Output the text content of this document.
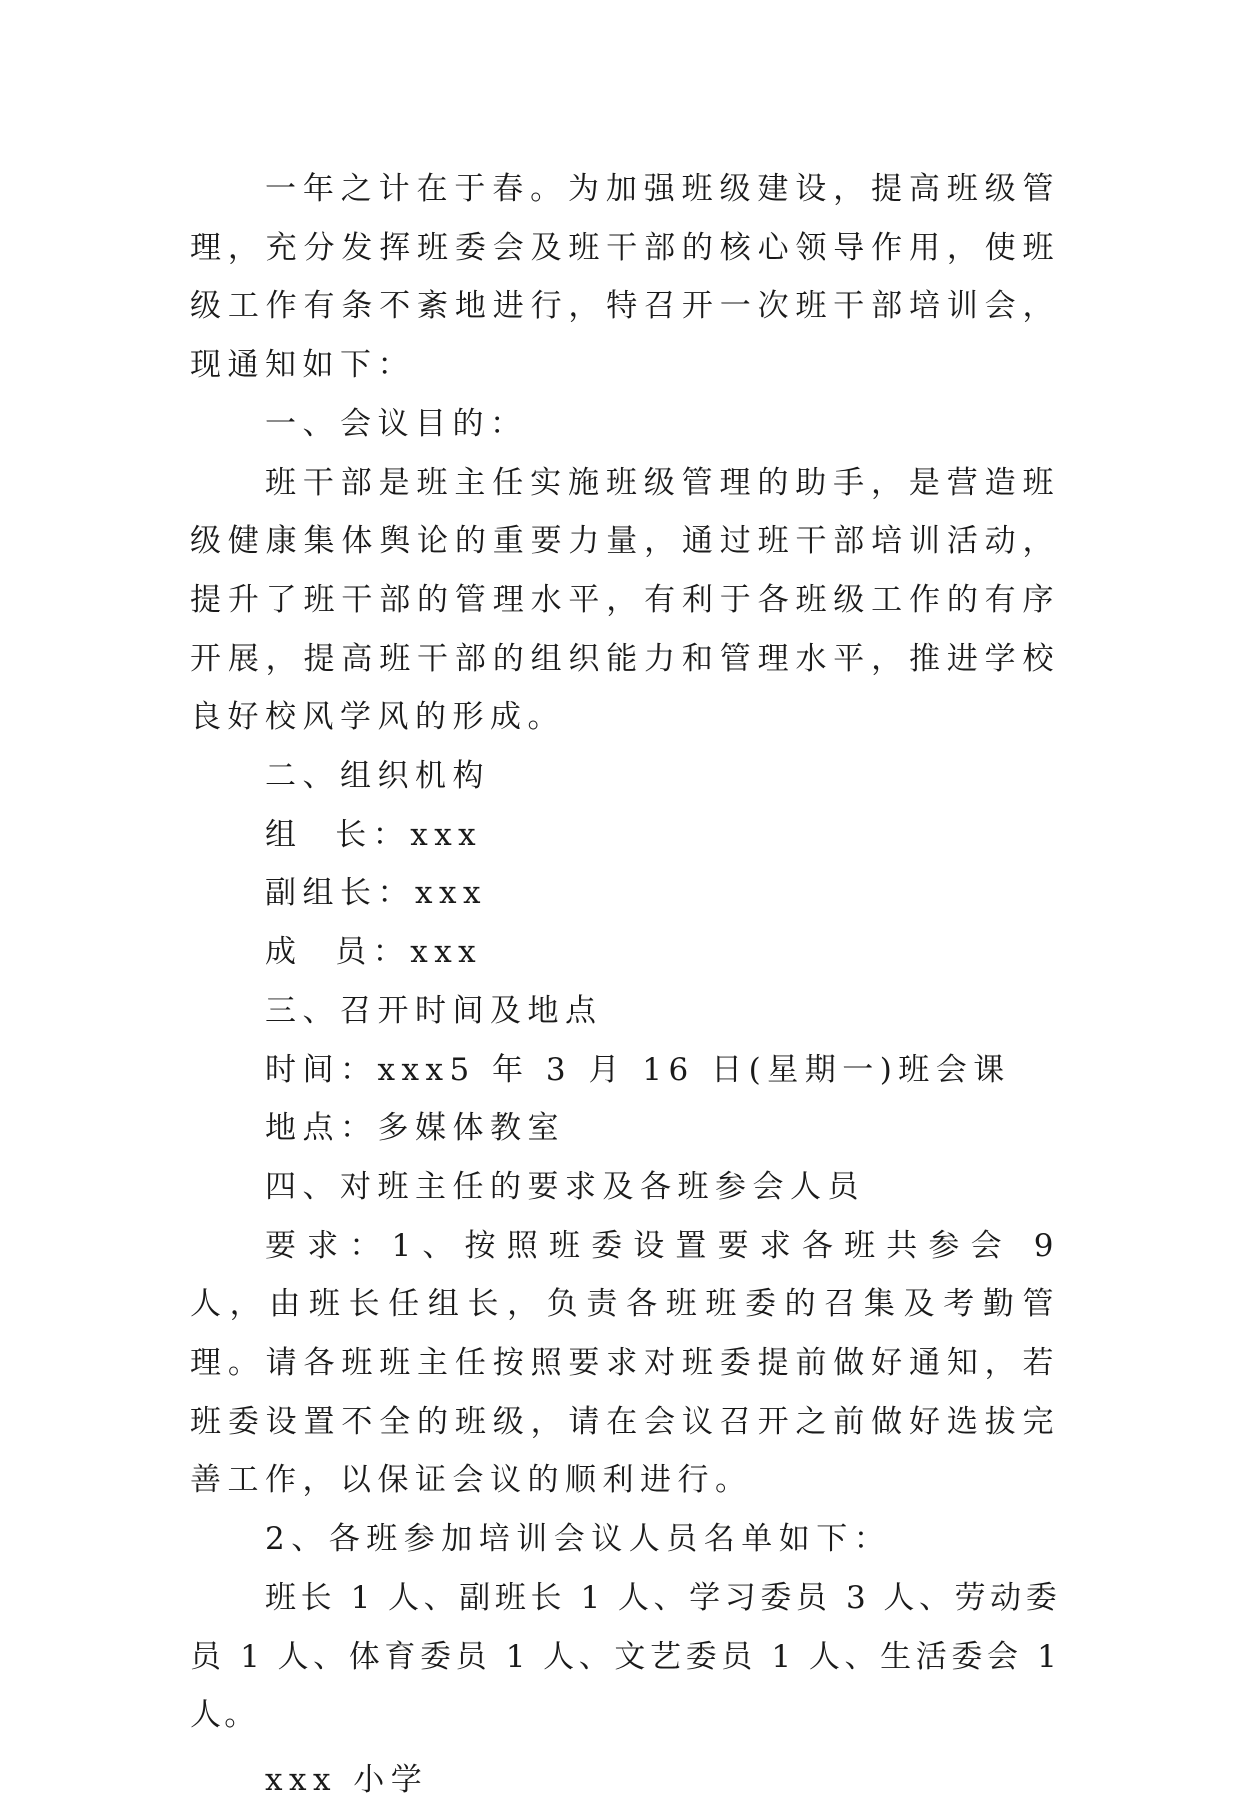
一年之计在于春。为加强班级建设，提高班级管理，充分发挥班委会及班干部的核心领导作用，使班级工作有条不紊地进行，特召开一次班干部培训会，现通知如下：

一、会议目的：

班干部是班主任实施班级管理的助手，是营造班级健康集体舆论的重要力量，通过班干部培训活动，提升了班干部的管理水平，有利于各班级工作的有序开展，提高班干部的组织能力和管理水平，推进学校良好校风学风的形成。

二、组织机构

组  长：xxx

副组长：xxx

成  员：xxx

三、召开时间及地点

时间：xxx5 年 3 月 16 日(星期一)班会课

地点：多媒体教室

四、对班主任的要求及各班参会人员

要求：1、按照班委设置要求各班共参会 9 人，由班长任组长，负责各班班委的召集及考勤管理。请各班班主任按照要求对班委提前做好通知，若班委设置不全的班级，请在会议召开之前做好选拔完善工作，以保证会议的顺利进行。

2、各班参加培训会议人员名单如下：

班长 1 人、副班长 1 人、学习委员 3 人、劳动委员 1 人、体育委员 1 人、文艺委员 1 人、生活委会 1 人。

xxx 小学
